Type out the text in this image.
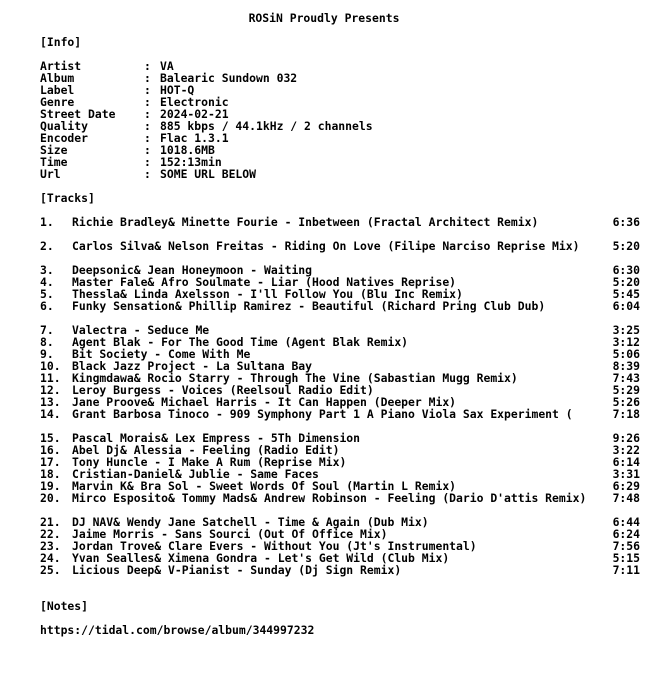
ROSiN Proudly Presents
[Info]
Artist	: VA
Album	: Balearic Sundown 032
Label	: HOT-Q
Genre	: Electronic
Street Date	: 2024-02-21
Quality	: 885 kbps / 44.1kHz / 2 channels
Encoder	: Flac 1.3.1
Size	: 1018.6MB
Time	: 152:13min
Url	: SOME URL BELOW
[Tracks]
1. Richie Bradley& Minette Fourie - Inbetween (Fractal Architect Remix)	6:36
2. Carlos Silva& Nelson Freitas - Riding On Love (Filipe Narciso Reprise Mix)	5:20
3. Deepsonic& Jean Honeymoon - Waiting	6:30
4. Master Fale& Afro Soulmate - Liar (Hood Natives Reprise)	5:20
5. Thessla& Linda Axelsson - I'll Follow You (Blu Inc Remix)	5:45
6. Funky Sensation& Phillip Ramirez - Beautiful (Richard Pring Club Dub)	6:04
7. Valectra - Seduce Me	3:25
8. Agent Blak - For The Good Time (Agent Blak Remix)	3:12
9. Bit Society - Come With Me	5:06
10. Black Jazz Project - La Sultana Bay	8:39
11. Kingmdawa& Rocio Starry - Through The Vine (Sabastian Mugg Remix)	7:43
12. Leroy Burgess - Voices (Reelsoul Radio Edit)	5:29
13. Jane Proove& Michael Harris - It Can Happen (Deeper Mix)	5:26
14. Grant Barbosa Tinoco - 909 Symphony Part 1 A Piano Viola Sax Experiment (	7:18
15. Pascal Morais& Lex Empress - 5Th Dimension	9:26
16. Abel Dj& Alessia - Feeling (Radio Edit)	3:22
17. Tony Huncle - I Make A Rum (Reprise Mix)	6:14
18. Cristian-Daniel& Jublie - Same Faces	3:31
19. Marvin K& Bra Sol - Sweet Words Of Soul (Martin L Remix)	6:29
20. Mirco Esposito& Tommy Mads& Andrew Robinson - Feeling (Dario D'attis Remix)	7:48
21. DJ NAV& Wendy Jane Satchell - Time & Again (Dub Mix)	6:44
22. Jaime Morris - Sans Sourci (Out Of Office Mix)	6:24
23. Jordan Trove& Clare Evers - Without You (Jt's Instrumental)	7:56
24. Yvan Sealles& Ximena Gondra - Let's Get Wild (Club Mix)	5:15
25. Licious Deep& V-Pianist - Sunday (Dj Sign Remix)	7:11
[Notes]
https://tidal.com/browse/album/344997232
